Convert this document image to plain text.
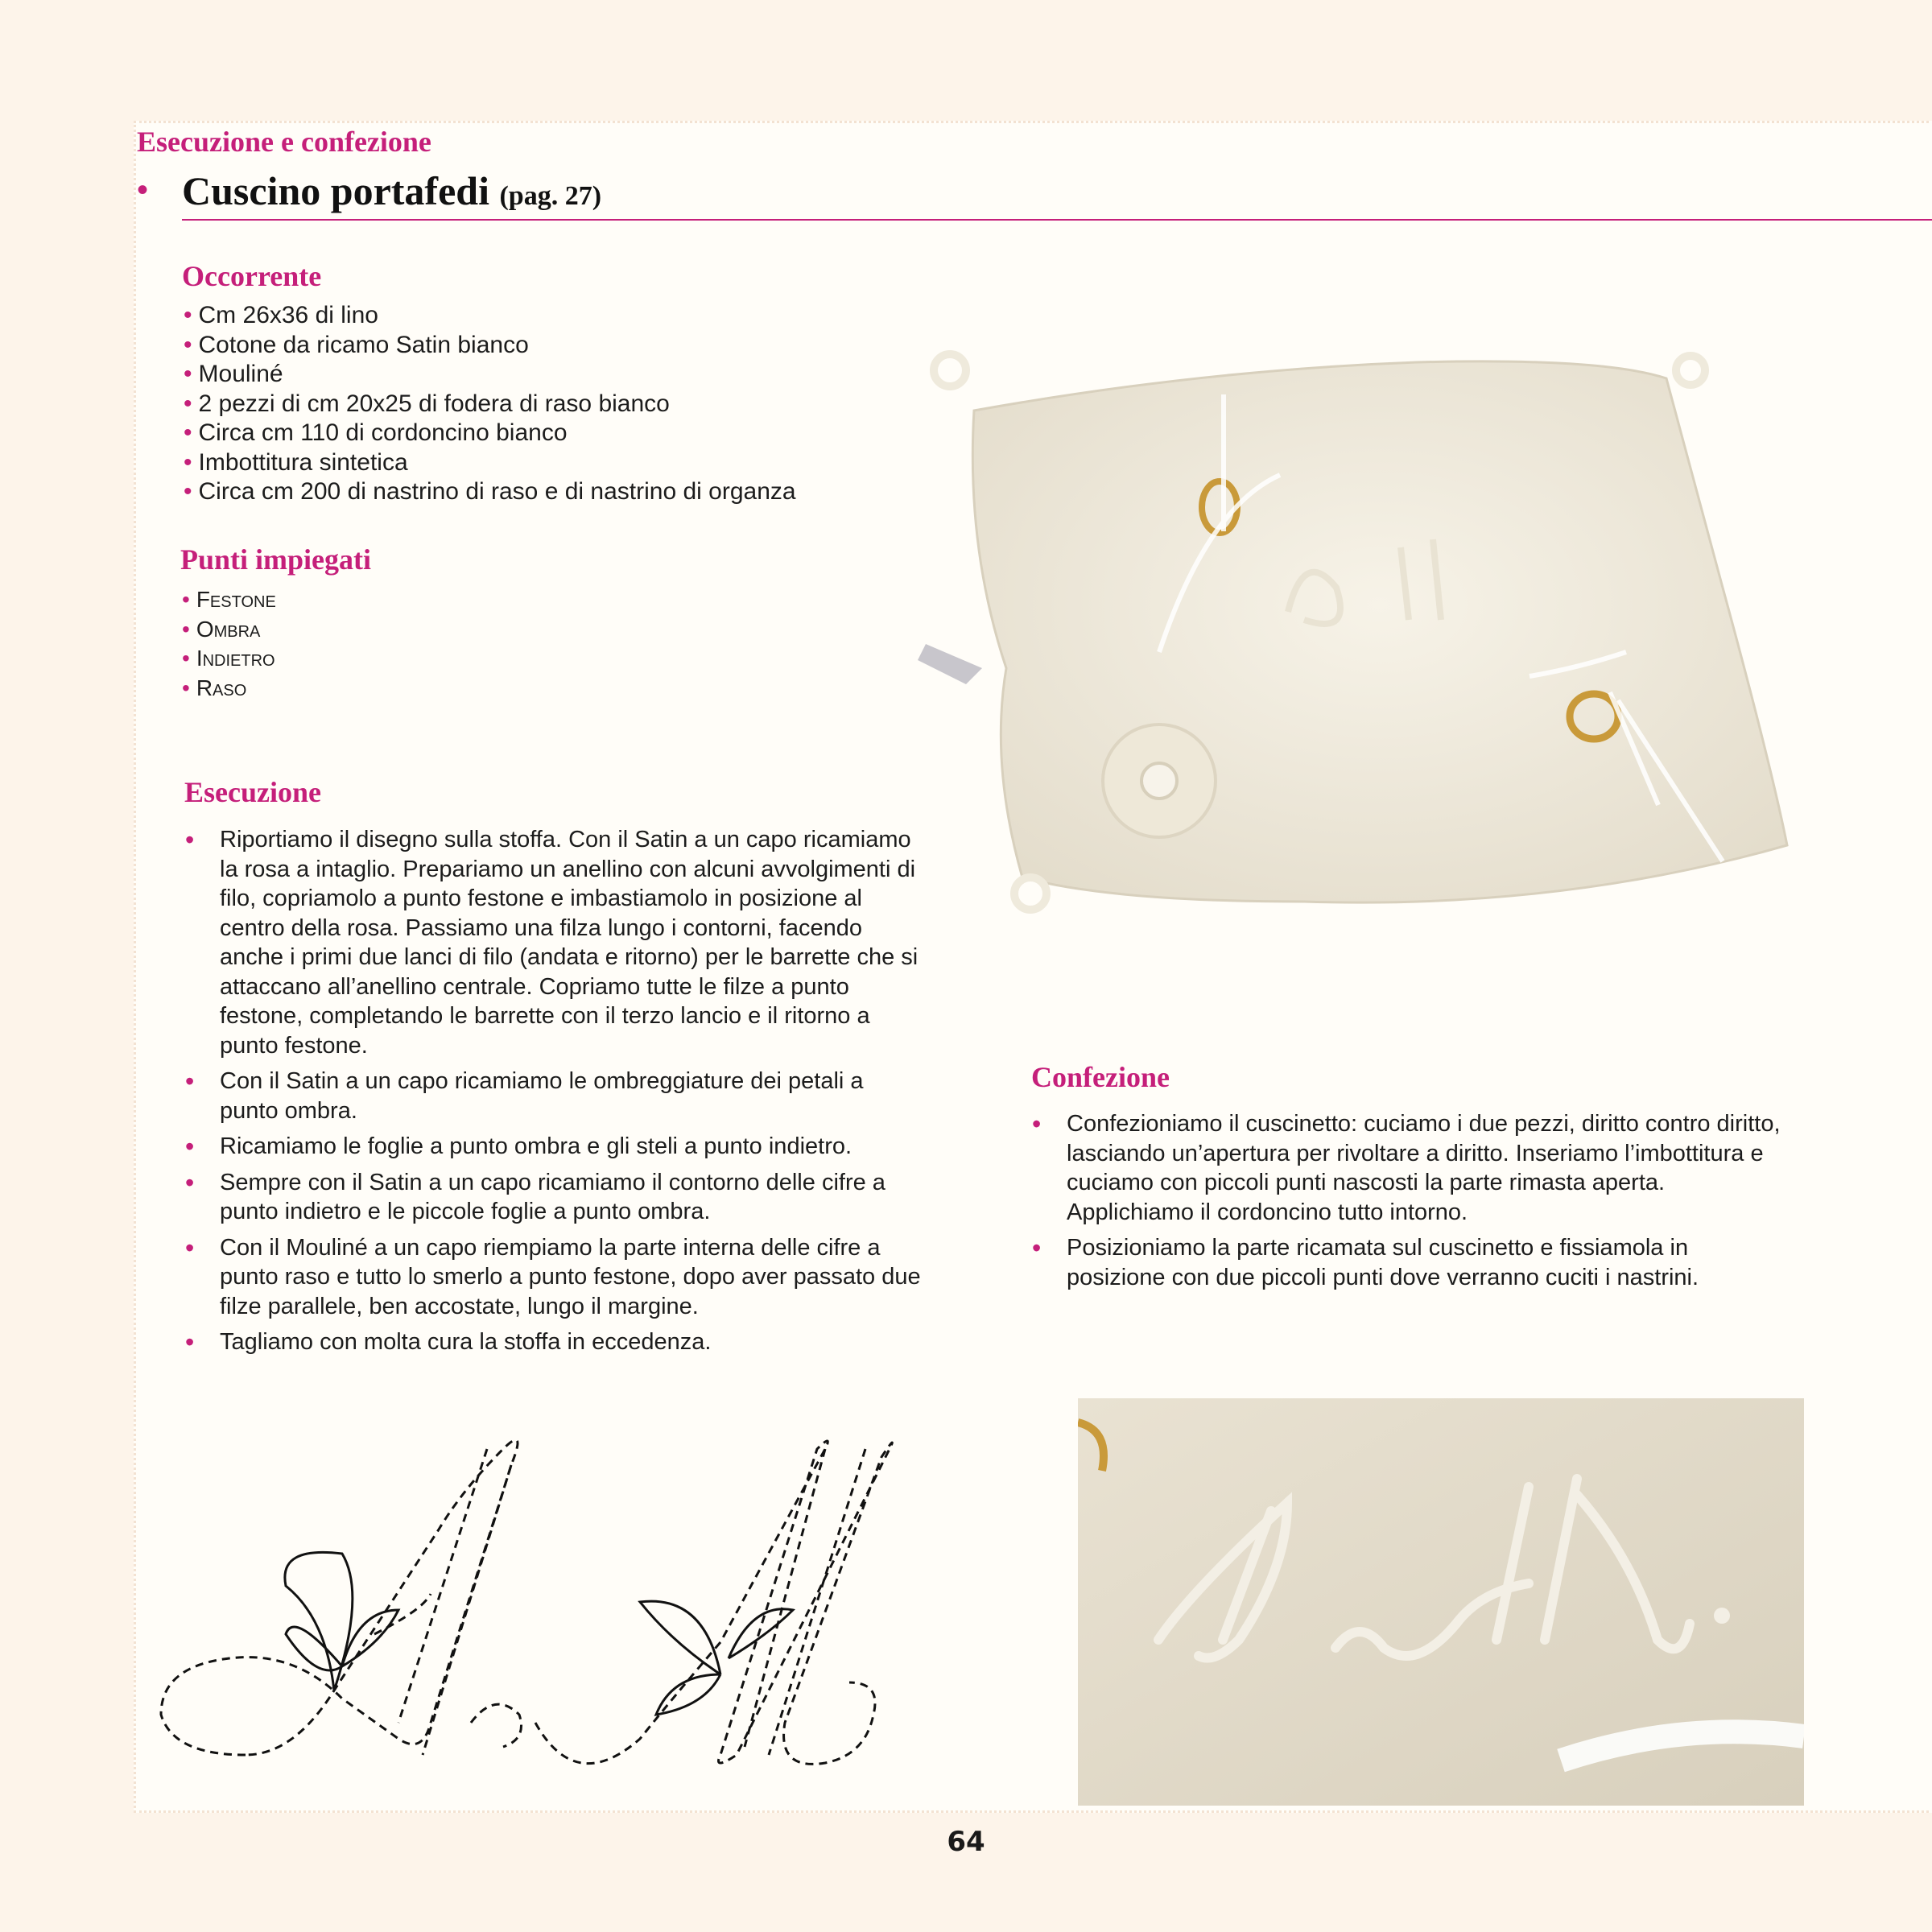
Esecuzione e confezione
• Cuscino portafedi (pag. 27)
Occorrente
• Cm 26x36 di lino
• Cotone da ricamo Satin bianco
• Mouliné
• 2 pezzi di cm 20x25 di fodera di raso bianco
• Circa cm 110 di cordoncino bianco
• Imbottitura sintetica
• Circa cm 200 di nastrino di raso e di nastrino di organza
Punti impiegati
• Festone
• Ombra
• Indietro
• Raso
Esecuzione
• Riportiamo il disegno sulla stoffa. Con il Satin a un capo ricamiamo la rosa a intaglio. Prepariamo un anellino con alcuni avvolgimenti di filo, copriamolo a punto festone e imbastiamolo in posizione al centro della rosa. Passiamo una filza lungo i contorni, facendo anche i primi due lanci di filo (andata e ritorno) per le barrette che si attaccano all’anellino centrale. Copriamo tutte le filze a punto festone, completando le barrette con il terzo lancio e il ritorno a punto festone.
• Con il Satin a un capo ricamiamo le ombreggiature dei petali a punto ombra.
• Ricamiamo le foglie a punto ombra e gli steli a punto indietro.
• Sempre con il Satin a un capo ricamiamo il contorno delle cifre a punto indietro e le piccole foglie a punto ombra.
• Con il Mouliné a un capo riempiamo la parte interna delle cifre a punto raso e tutto lo smerlo a punto festone, dopo aver passato due filze parallele, ben accostate, lungo il margine.
• Tagliamo con molta cura la stoffa in eccedenza.
Confezione
• Confezioniamo il cuscinetto: cuciamo i due pezzi, diritto contro diritto, lasciando un’apertura per rivoltare a diritto. Inseriamo l’imbottitura e cuciamo con piccoli punti nascosti la parte rimasta aperta. Applichiamo il cordoncino tutto intorno.
• Posizioniamo la parte ricamata sul cuscinetto e fissiamola in posizione con due piccoli punti dove verranno cuciti i nastrini.
64
